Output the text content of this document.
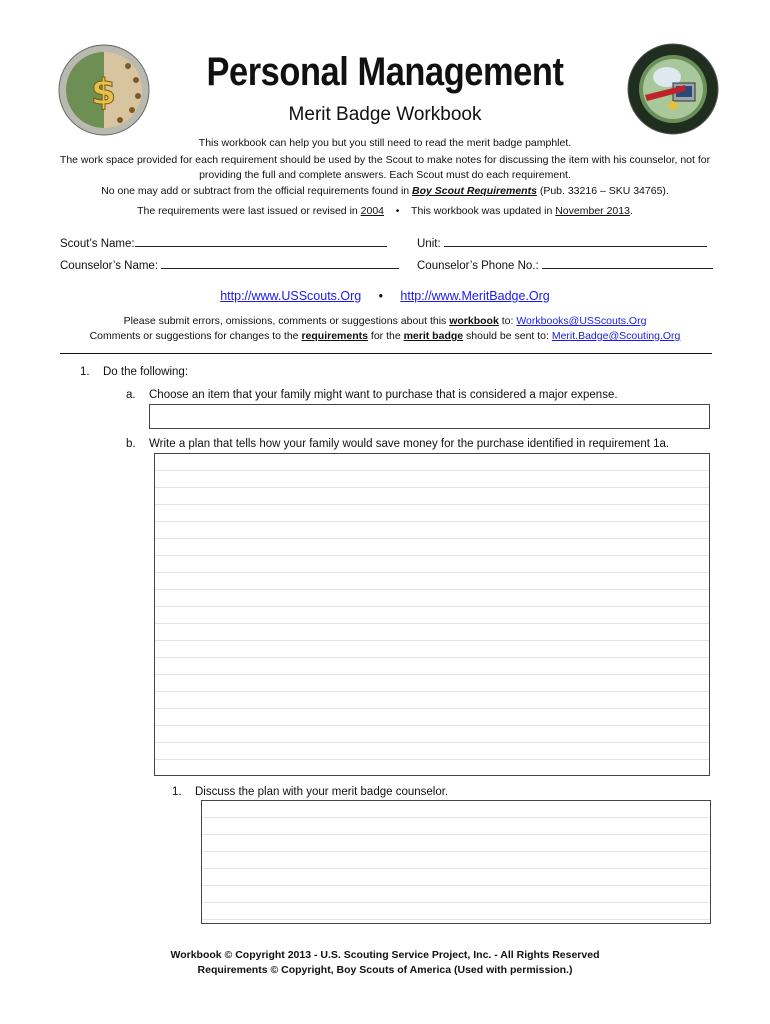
$	Personal Management
Merit Badge Workbook
This workbook can help you but you still need to read the merit badge pamphlet.
The work space provided for each requirement should be used by the Scout to make notes for discussing the item with his counselor, not for
providing the full and complete answers. Each Scout must do each requirement.
No one may add or subtract from the official requirements found in Boy Scout Requirements (Pub. 33216 – SKU 34765).
The requirements were last issued or revised in 2004 • This workbook was updated in November 2013.
Scout’s Name:	Unit:
Counselor’s Name:	Counselor’s Phone No.:
http://www.USScouts.Org • http://www.MeritBadge.Org
Please submit errors, omissions, comments or suggestions about this workbook to: Workbooks@USScouts.Org
Comments or suggestions for changes to the requirements for the merit badge should be sent to: Merit.Badge@Scouting.Org
1. Do the following:
a. Choose an item that your family might want to purchase that is considered a major expense.
b. Write a plan that tells how your family would save money for the purchase identified in requirement 1a.
1. Discuss the plan with your merit badge counselor.
Workbook © Copyright 2013 - U.S. Scouting Service Project, Inc. - All Rights Reserved
Requirements © Copyright, Boy Scouts of America (Used with permission.)
